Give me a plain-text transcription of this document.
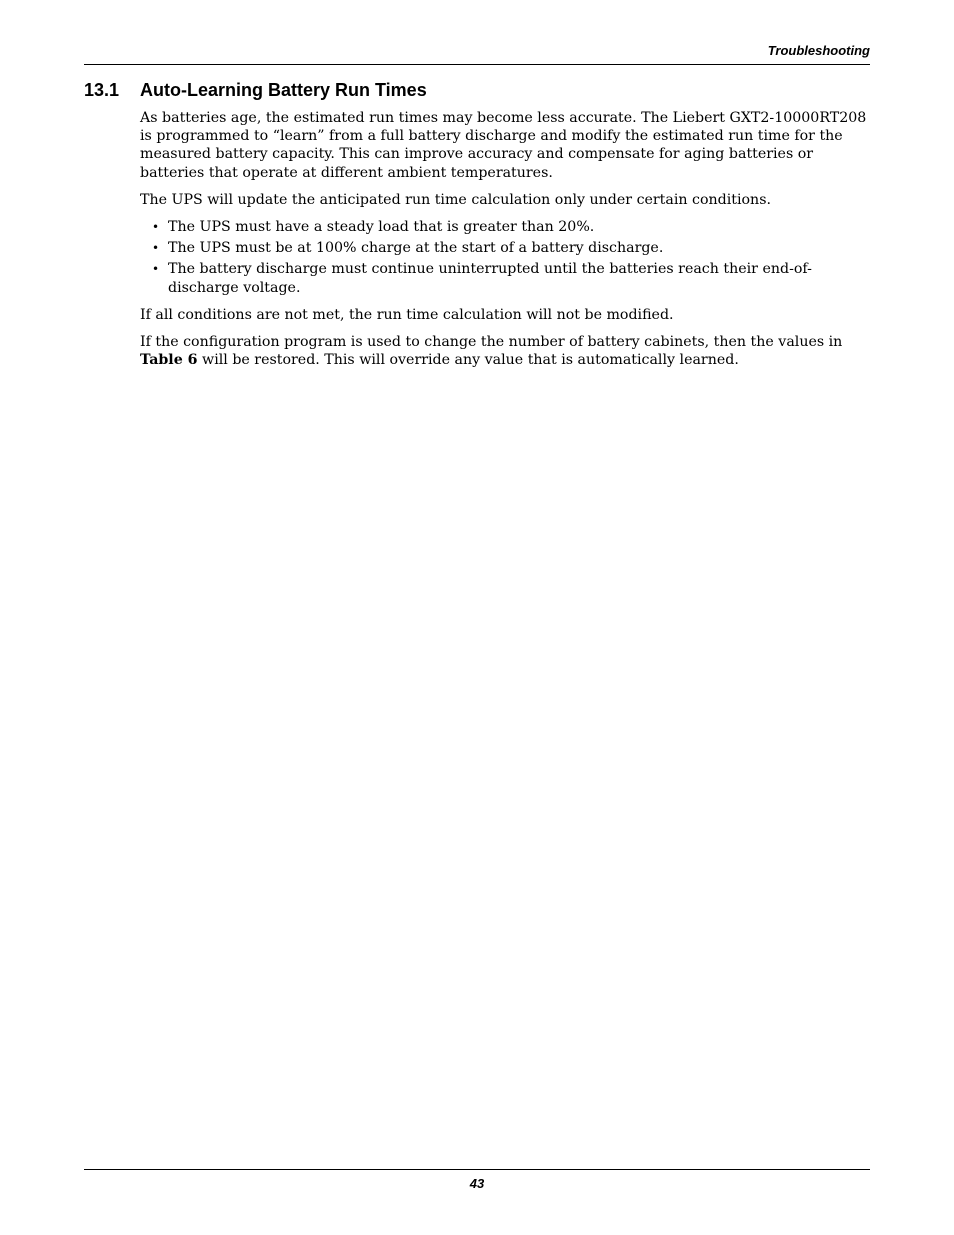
Troubleshooting
13.1 Auto-Learning Battery Run Times

As batteries age, the estimated run times may become less accurate. The Liebert GXT2-10000RT208 is programmed to “learn” from a full battery discharge and modify the estimated run time for the measured battery capacity. This can improve accuracy and compensate for aging batteries or batteries that operate at different ambient temperatures.

The UPS will update the anticipated run time calculation only under certain conditions.

• The UPS must have a steady load that is greater than 20%.
• The UPS must be at 100% charge at the start of a battery discharge.
• The battery discharge must continue uninterrupted until the batteries reach their end-of-discharge voltage.

If all conditions are not met, the run time calculation will not be modified.

If the configuration program is used to change the number of battery cabinets, then the values in Table 6 will be restored. This will override any value that is automatically learned.

43
